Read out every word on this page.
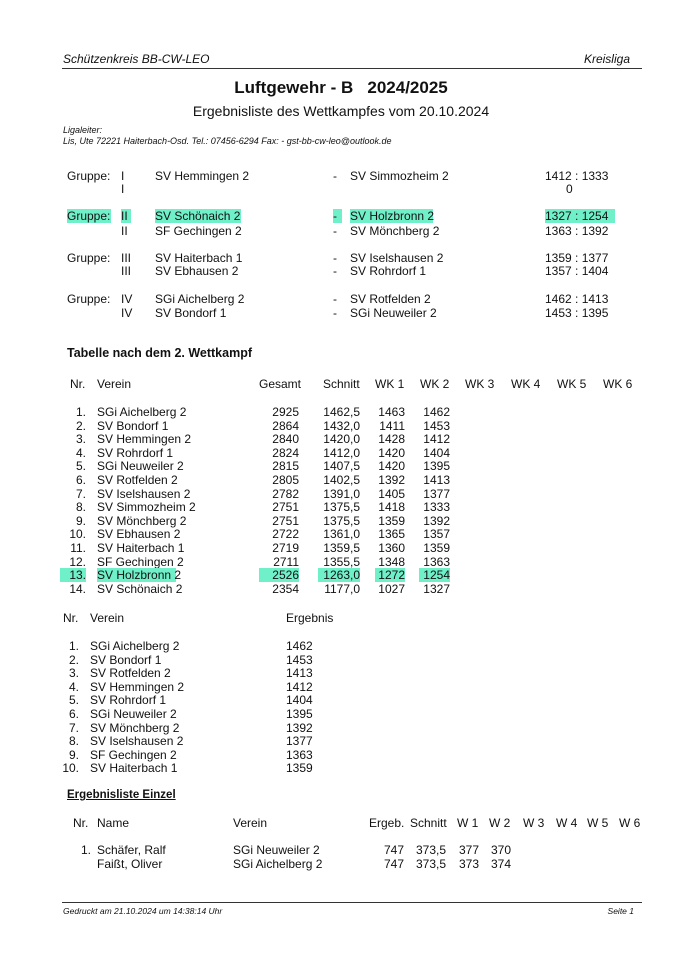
Schützenkreis BB-CW-LEO	Kreisliga
Luftgewehr - B   2024/2025
Ergebnisliste des Wettkampfes vom 20.10.2024
Ligaleiter:
Lis, Ute 72221 Haiterbach-Osd. Tel.: 07456-6294 Fax: - gst-bb-cw-leo@outlook.de
Gruppe: I	SV Hemmingen 2	- SV Simmozheim 2	1412 : 1333
I	0
Gruppe: II SV Schönaich 2	-	SV Holzbronn 2	1327 : 1254
II SF Gechingen 2	- SV Mönchberg 2	1363 : 1392
Gruppe: III SV Haiterbach 1	- SV Iselshausen 2	1359 : 1377
III SV Ebhausen 2	- SV Rohrdorf 1	1357 : 1404
Gruppe: IV SGi Aichelberg 2	- SV Rotfelden 2	1462 : 1413
IV SV Bondorf 1	- SGi Neuweiler 2	1453 : 1395
Tabelle nach dem 2. Wettkampf
Nr. Verein	Gesamt Schnitt WK 1 WK 2 WK 3 WK 4 WK 5 WK 6
1. SGi Aichelberg 2	2925	1462,5 1463	1462
2. SV Bondorf 1	2864	1432,0	1411	1453
3. SV Hemmingen 2	2840	1420,0 1428	1412
4. SV Rohrdorf 1	2824	1412,0 1420	1404
5. SGi Neuweiler 2	2815	1407,5 1420	1395
6. SV Rotfelden 2	2805	1402,5 1392	1413
7. SV Iselshausen 2	2782	1391,0 1405	1377
8. SV Simmozheim 2	2751	1375,5 1418	1333
9. SV Mönchberg 2	2751	1375,5 1359	1392
10. SV Ebhausen 2	2722	1361,0 1365	1357
11. SV Haiterbach 1	2719	1359,5 1360	1359
12. SF Gechingen 2	2711	1355,5 1348	1363
13. SV Holzbronn 2	2526	1263,0 1272	1254
14. SV Schönaich 2	2354	1177,0 1027	1327
Nr. Verein	Ergebnis
1. SGi Aichelberg 2	1462
2. SV Bondorf 1	1453
3. SV Rotfelden 2	1413
4. SV Hemmingen 2	1412
5. SV Rohrdorf 1	1404
6. SGi Neuweiler 2	1395
7. SV Mönchberg 2	1392
8. SV Iselshausen 2	1377
9. SF Gechingen 2	1363
10. SV Haiterbach 1	1359
Ergebnisliste Einzel
Nr. Name	Verein	Ergeb. Schnitt W 1 W 2 W 3 W 4 W 5 W 6
1. Schäfer, Ralf	SGi Neuweiler 2	747 373,5	377 370
Faißt, Oliver	SGi Aichelberg 2	747 373,5	373 374
Gedruckt am 21.10.2024 um 14:38:14 Uhr	Seite 1
